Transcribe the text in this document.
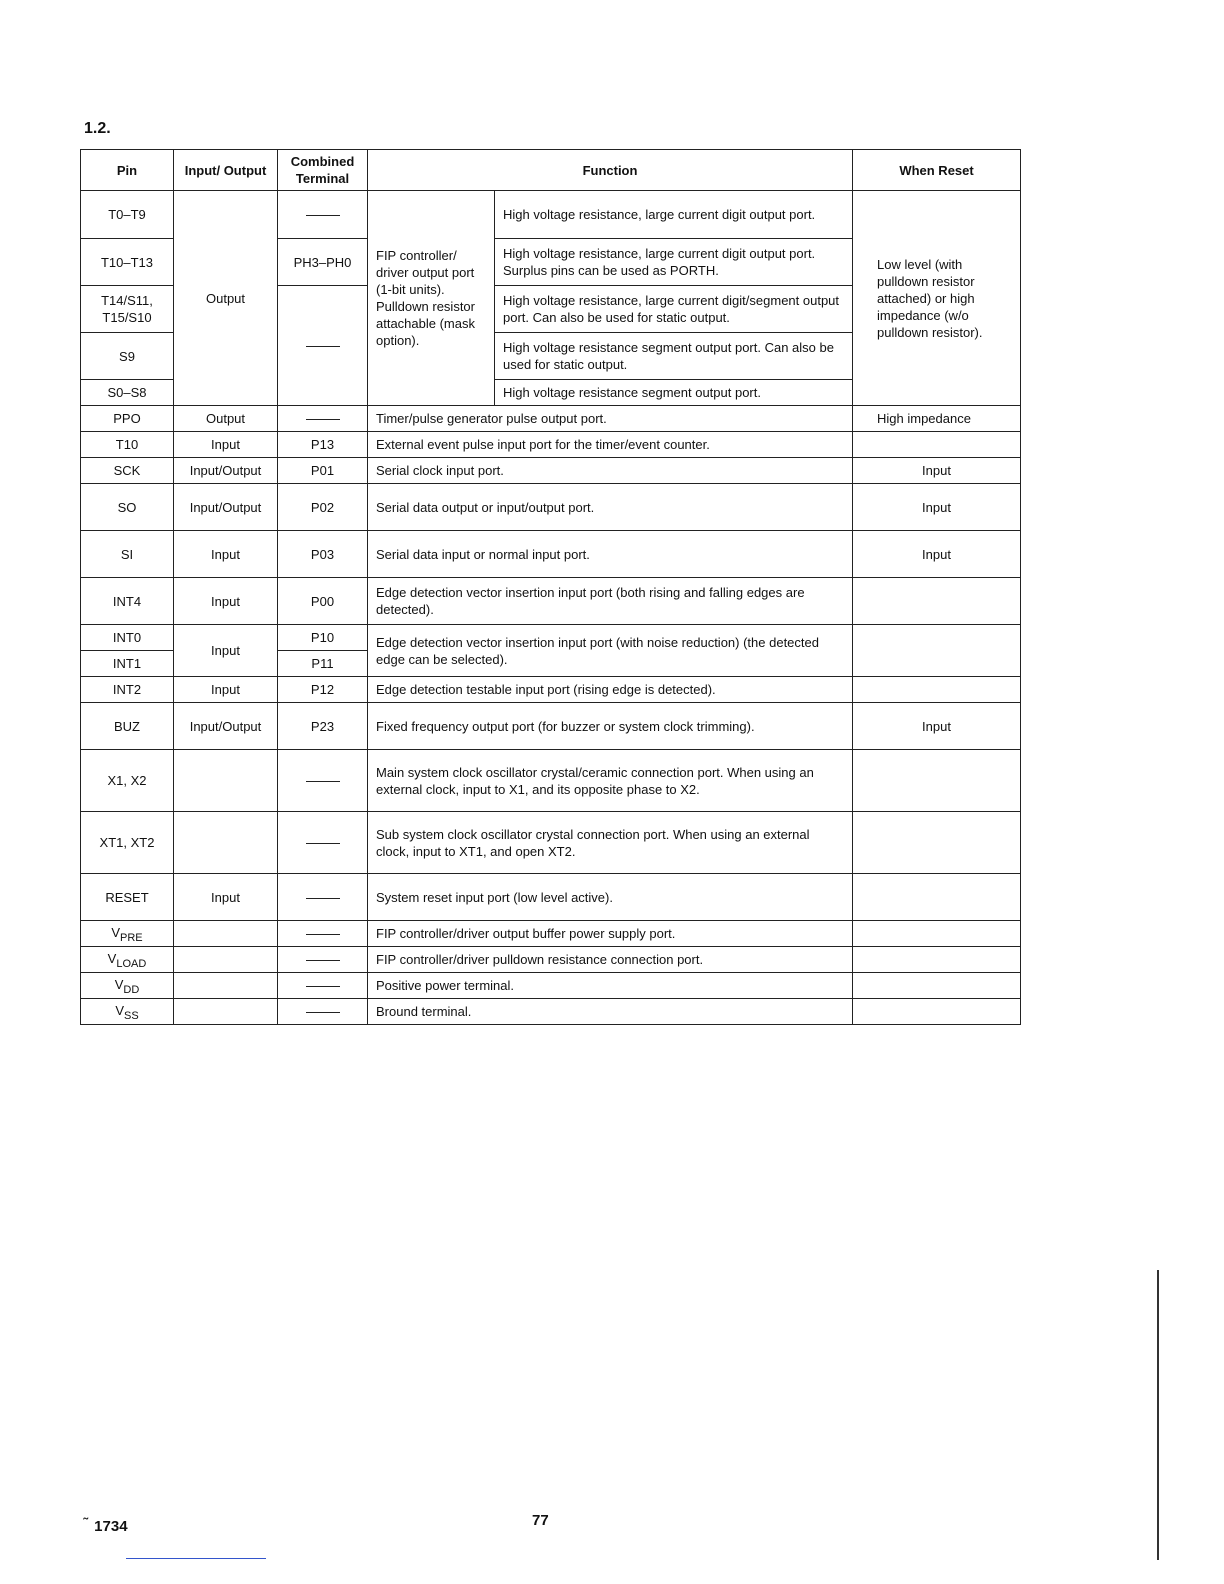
1.2.
Pin	Input/ Output	Combined Terminal	Function		When Reset
T0–T9	Output		FIP controller/ driver output port (1-bit units). Pulldown resistor attachable (mask option).	High voltage resistance, large current digit output port.	Low level (with pulldown resistor attached) or high impedance (w/o pulldown resistor).
T10–T13		PH3–PH0		High voltage resistance, large current digit output port. Surplus pins can be used as PORTH.	
T14/S11, T15/S10				High voltage resistance, large current digit/segment output port. Can also be used for static output.	
S9				High voltage resistance segment output port. Can also be used for static output.	
S0–S8				High voltage resistance segment output port.	
PPO	Output		Timer/pulse generator pulse output port.		High impedance
T10	Input	P13	External event pulse input port for the timer/event counter.		
SCK	Input/Output	P01	Serial clock input port.		Input
SO	Input/Output	P02	Serial data output or input/output port.		Input
SI	Input	P03	Serial data input or normal input port.		Input
INT4	Input	P00	Edge detection vector insertion input port (both rising and falling edges are detected).		
INT0	Input	P10	Edge detection vector insertion input port (with noise reduction) (the detected edge can be selected).		
INT1		P11			
INT2	Input	P12	Edge detection testable input port (rising edge is detected).		
BUZ	Input/Output	P23	Fixed frequency output port (for buzzer or system clock trimming).		Input
X1, X2			Main system clock oscillator crystal/ceramic connection port. When using an external clock, input to X1, and its opposite phase to X2.		
XT1, XT2			Sub system clock oscillator crystal connection port. When using an external clock, input to XT1, and open XT2.		
RESET	Input		System reset input port (low level active).		
$V_{PRE}$			FIP controller/driver output buffer power supply port.		
$V_{LOAD}$			FIP controller/driver pulldown resistance connection port.		
$V_{DD}$			Positive power terminal.		
$V_{SS}$			Bround terminal.		
̃ 1734	77
